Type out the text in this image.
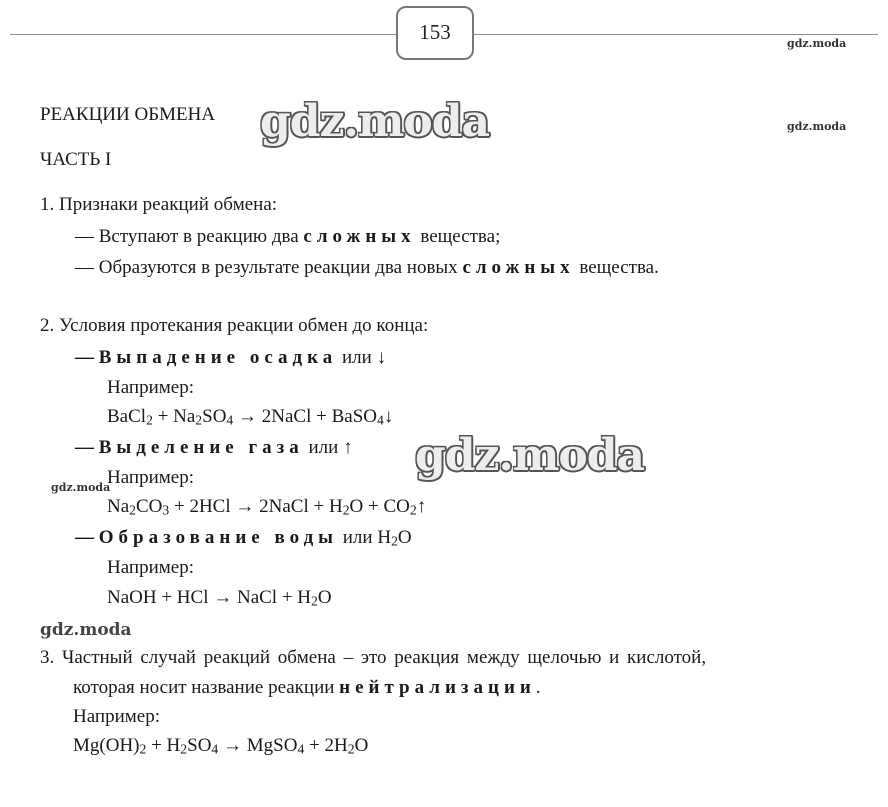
153	gdz.moda
gdz.moda
gdz.moda
gdz.moda
gdz.moda
gdz.moda
РЕАКЦИИ ОБМЕНА
ЧАСТЬ I
1. Признаки реакций обмена:
— Вступают в реакцию два сложных вещества;
— Образуются в результате реакции два новых сложных вещества.
2. Условия протекания реакции обмен до конца:
— Выпадение осадка или ↓
Например:
BaCl$_2$ + $Na_2SO_4$ → 2NaCl + BaSO$_4$↓
— Выделение газа или ↑
Например:
$Na_2CO_3 + 2HCl$ → 2NaCl + $H_2O$ + $CO_2↑$
— Образование воды или $H_2O$
Например:
NaOH + HCl → NaCl + $H_2O$
3. Частный случай реакций обмена – это реакция между щелочью и кислотой,
которая носит название реакции нейтрализации.
Например:
$Mg(OH)_2 + H_2SO_4$ → MgSO$_4$ + $2H_2O$
